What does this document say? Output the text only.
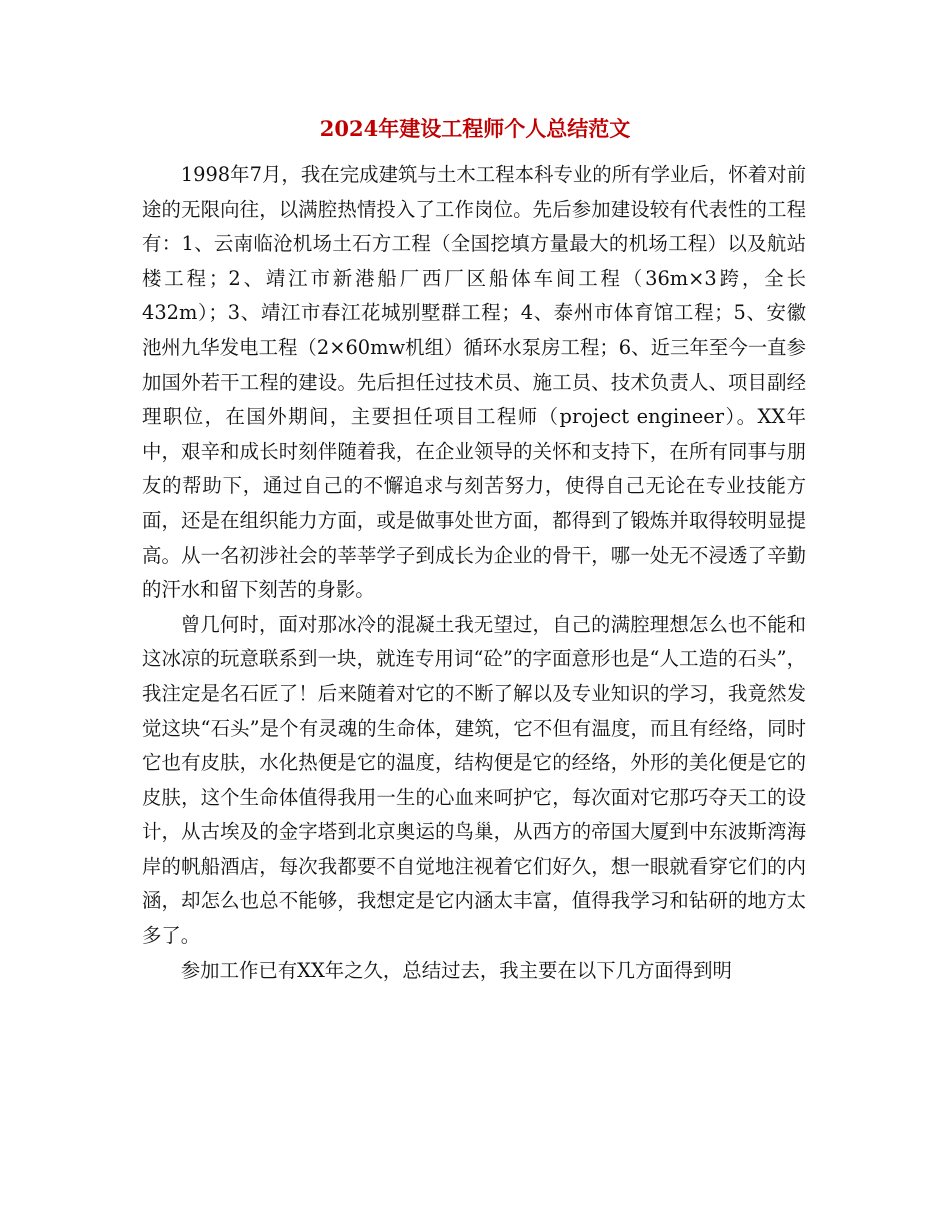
2024年建设工程师个人总结范文

1998年7月，我在完成建筑与土木工程本科专业的所有学业后，怀着对前途的无限向往，以满腔热情投入了工作岗位。先后参加建设较有代表性的工程有：1、云南临沧机场土石方工程（全国挖填方量最大的机场工程）以及航站楼工程；2、靖江市新港船厂西厂区船体车间工程（36m×3跨，全长432m）；3、靖江市春江花城别墅群工程；4、泰州市体育馆工程；5、安徽池州九华发电工程（2×60mw机组）循环水泵房工程；6、近三年至今一直参加国外若干工程的建设。先后担任过技术员、施工员、技术负责人、项目副经理职位，在国外期间，主要担任项目工程师（project engineer）。XX年中，艰辛和成长时刻伴随着我，在企业领导的关怀和支持下，在所有同事与朋友的帮助下，通过自己的不懈追求与刻苦努力，使得自己无论在专业技能方面，还是在组织能力方面，或是做事处世方面，都得到了锻炼并取得较明显提高。从一名初涉社会的莘莘学子到成长为企业的骨干，哪一处无不浸透了辛勤的汗水和留下刻苦的身影。

曾几何时，面对那冰冷的混凝土我无望过，自己的满腔理想怎么也不能和这冰凉的玩意联系到一块，就连专用词“砼”的字面意形也是“人工造的石头”，我注定是名石匠了！后来随着对它的不断了解以及专业知识的学习，我竟然发觉这块“石头”是个有灵魂的生命体，建筑，它不但有温度，而且有经络，同时它也有皮肤，水化热便是它的温度，结构便是它的经络，外形的美化便是它的皮肤，这个生命体值得我用一生的心血来呵护它，每次面对它那巧夺天工的设计，从古埃及的金字塔到北京奥运的鸟巢，从西方的帝国大厦到中东波斯湾海岸的帆船酒店，每次我都要不自觉地注视着它们好久，想一眼就看穿它们的内涵，却怎么也总不能够，我想定是它内涵太丰富，值得我学习和钻研的地方太多了。

参加工作已有XX年之久，总结过去，我主要在以下几方面得到明
